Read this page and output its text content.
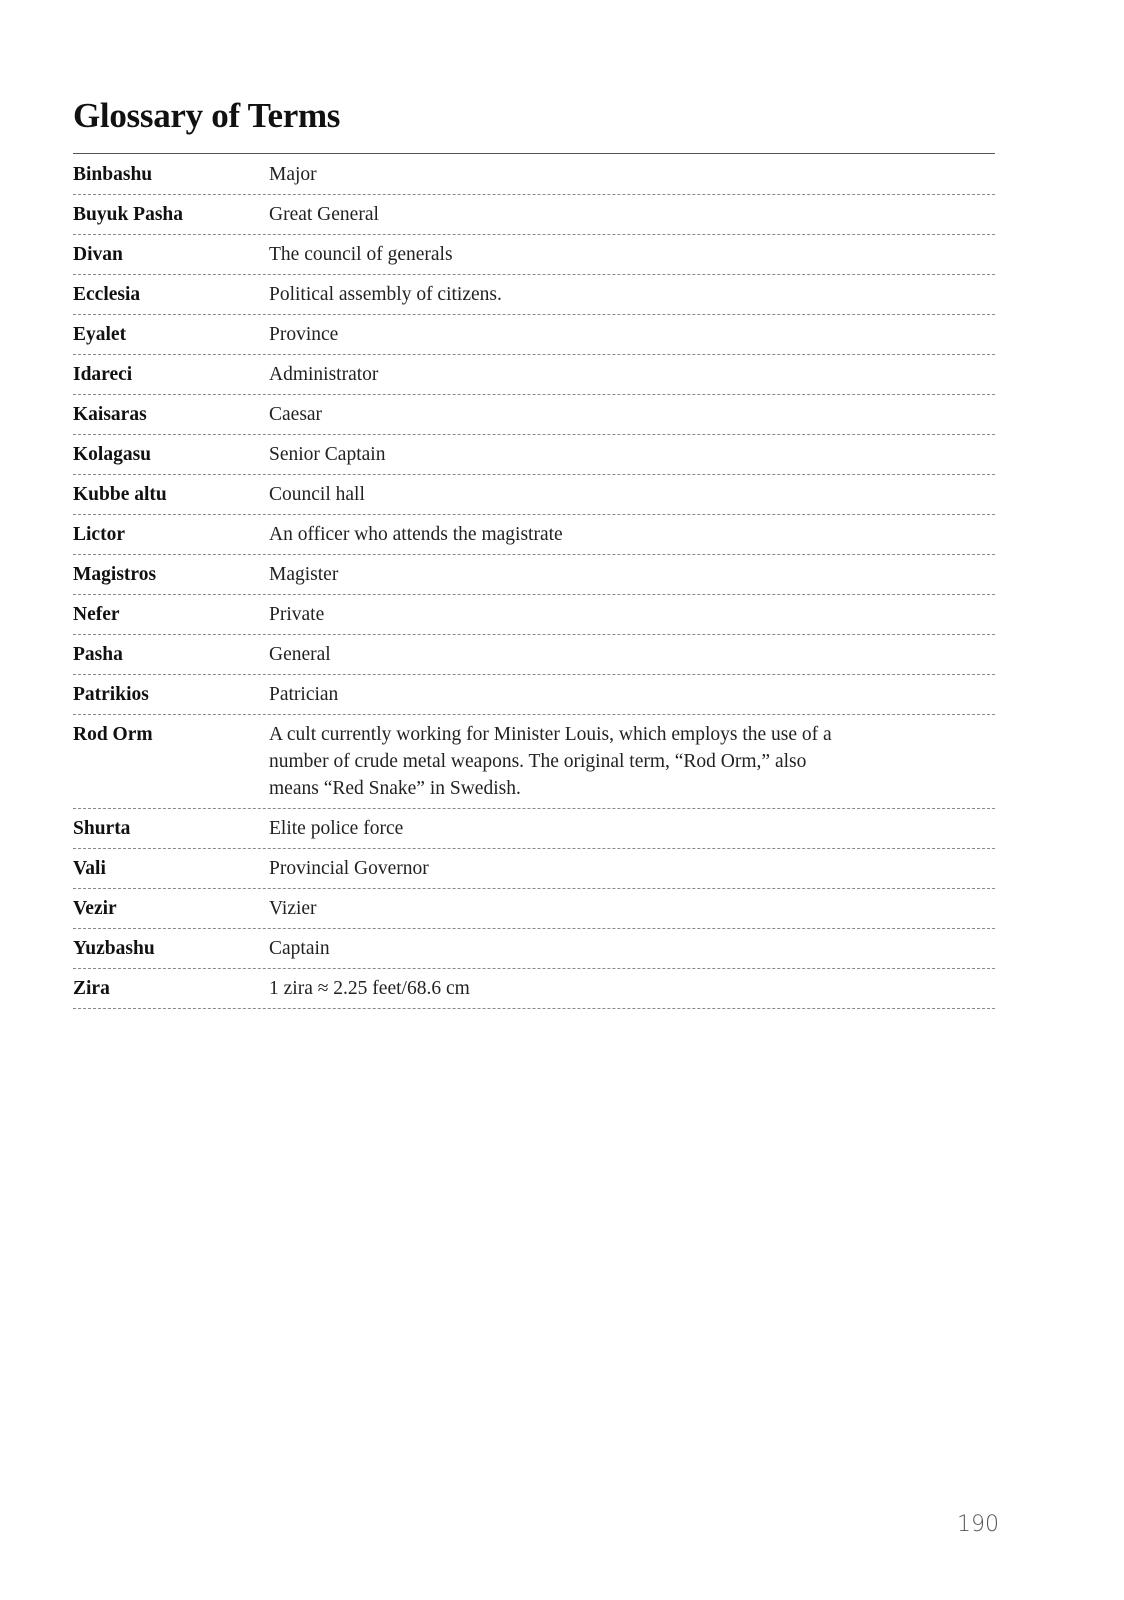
Glossary of Terms
Binbashu	Major
Buyuk Pasha	Great General
Divan	The council of generals
Ecclesia	Political assembly of citizens.
Eyalet	Province
Idareci	Administrator
Kaisaras	Caesar
Kolagasu	Senior Captain
Kubbe altu	Council hall
Lictor	An officer who attends the magistrate
Magistros	Magister
Nefer	Private
Pasha	General
Patrikios	Patrician
Rod Orm	A cult currently working for Minister Louis, which employs the use of a number of crude metal weapons. The original term, “Rod Orm,” also means “Red Snake” in Swedish.
Shurta	Elite police force
Vali	Provincial Governor
Vezir	Vizier
Yuzbashu	Captain
Zira	1 zira ≈ 2.25 feet/68.6 cm
190
